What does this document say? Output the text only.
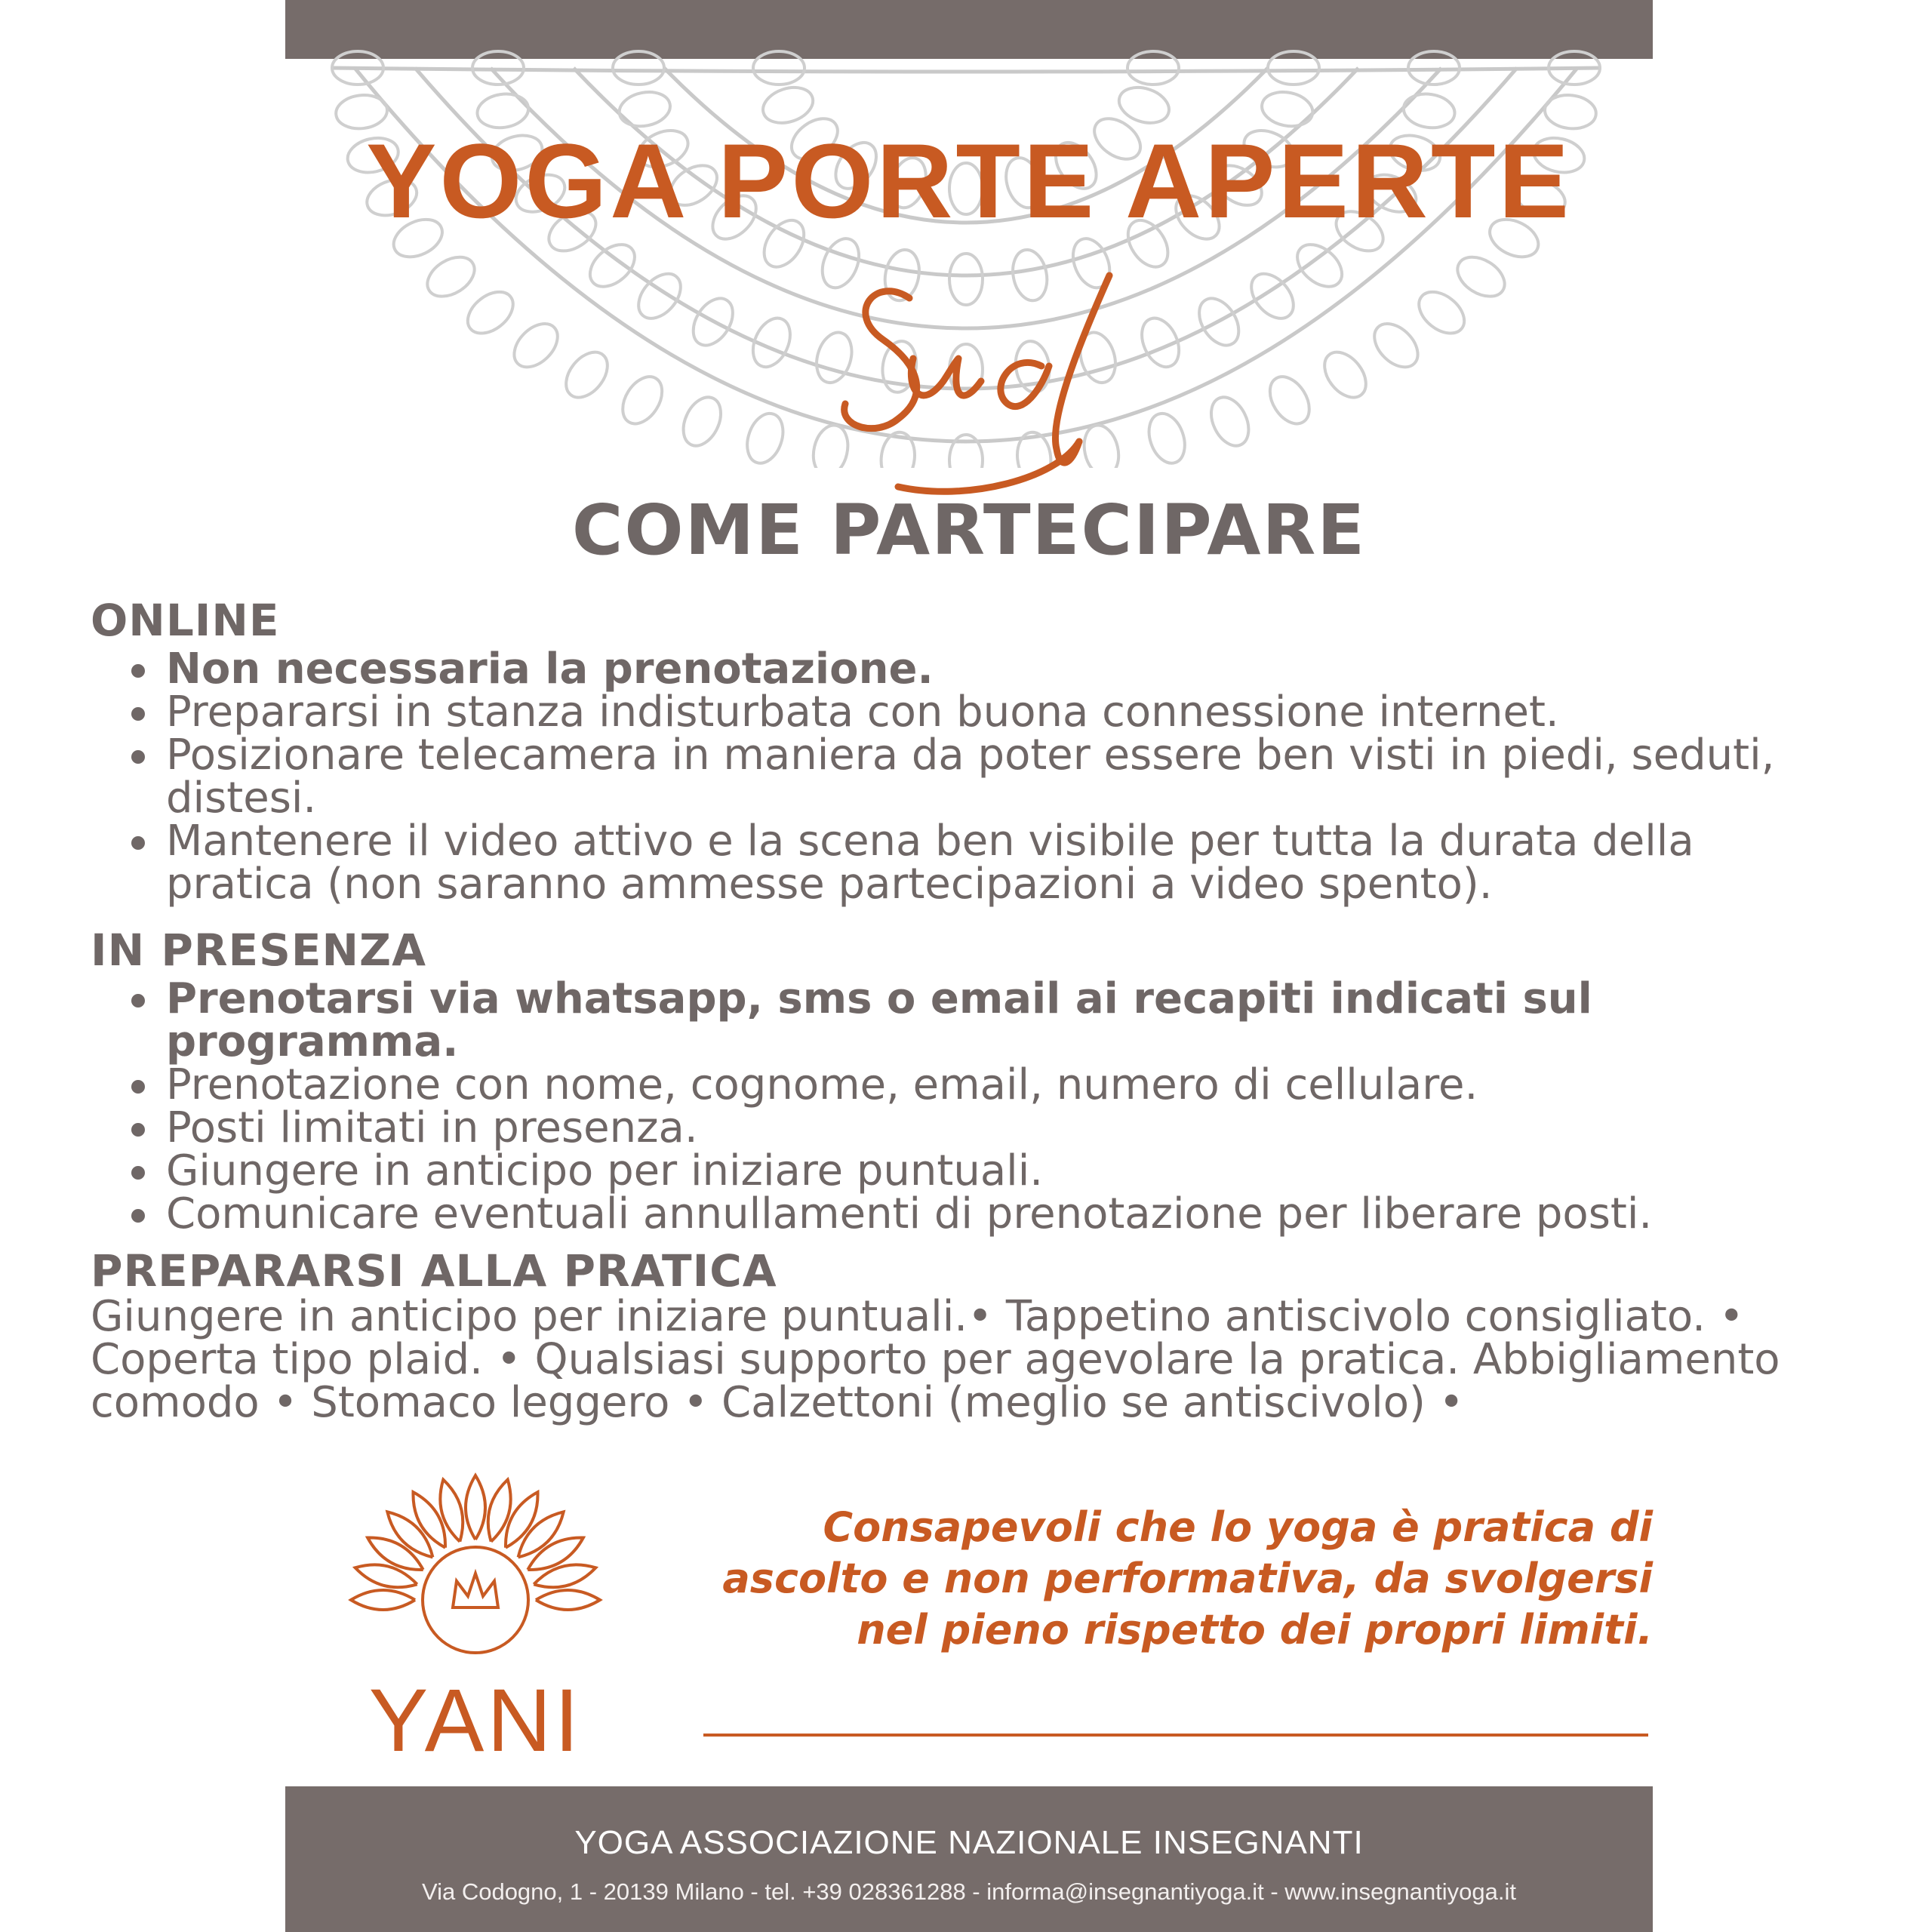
YOGA PORTE APERTE
COME PARTECIPARE
ONLINE
Non necessaria la prenotazione.
Prepararsi in stanza indisturbata con buona connessione internet.
Posizionare telecamera in maniera da poter essere ben visti in piedi, seduti, distesi.
Mantenere il video attivo e la scena ben visibile per tutta la durata della pratica (non saranno ammesse partecipazioni a video spento).
IN PRESENZA
Prenotarsi via whatsapp, sms o email ai recapiti indicati sul programma.
Prenotazione con nome, cognome, email, numero di cellulare.
Posti limitati in presenza.
Giungere in anticipo per iniziare puntuali.
Comunicare eventuali annullamenti di prenotazione per liberare posti.
PREPARARSI ALLA PRATICA

Giungere in anticipo per iniziare puntuali.• Tappetino antiscivolo consigliato. • Coperta tipo plaid. • Qualsiasi supporto per agevolare la pratica. Abbigliamento comodo • Stomaco leggero • Calzettoni (meglio se antiscivolo) •

YANI
Consapevoli che lo yoga è pratica di ascolto e non performativa, da svolgersi nel pieno rispetto dei propri limiti.
YOGA ASSOCIAZIONE NAZIONALE INSEGNANTI
Via Codogno, 1 - 20139 Milano - tel. +39 028361288 - informa@insegnantiyoga.it - www.insegnantiyoga.it
